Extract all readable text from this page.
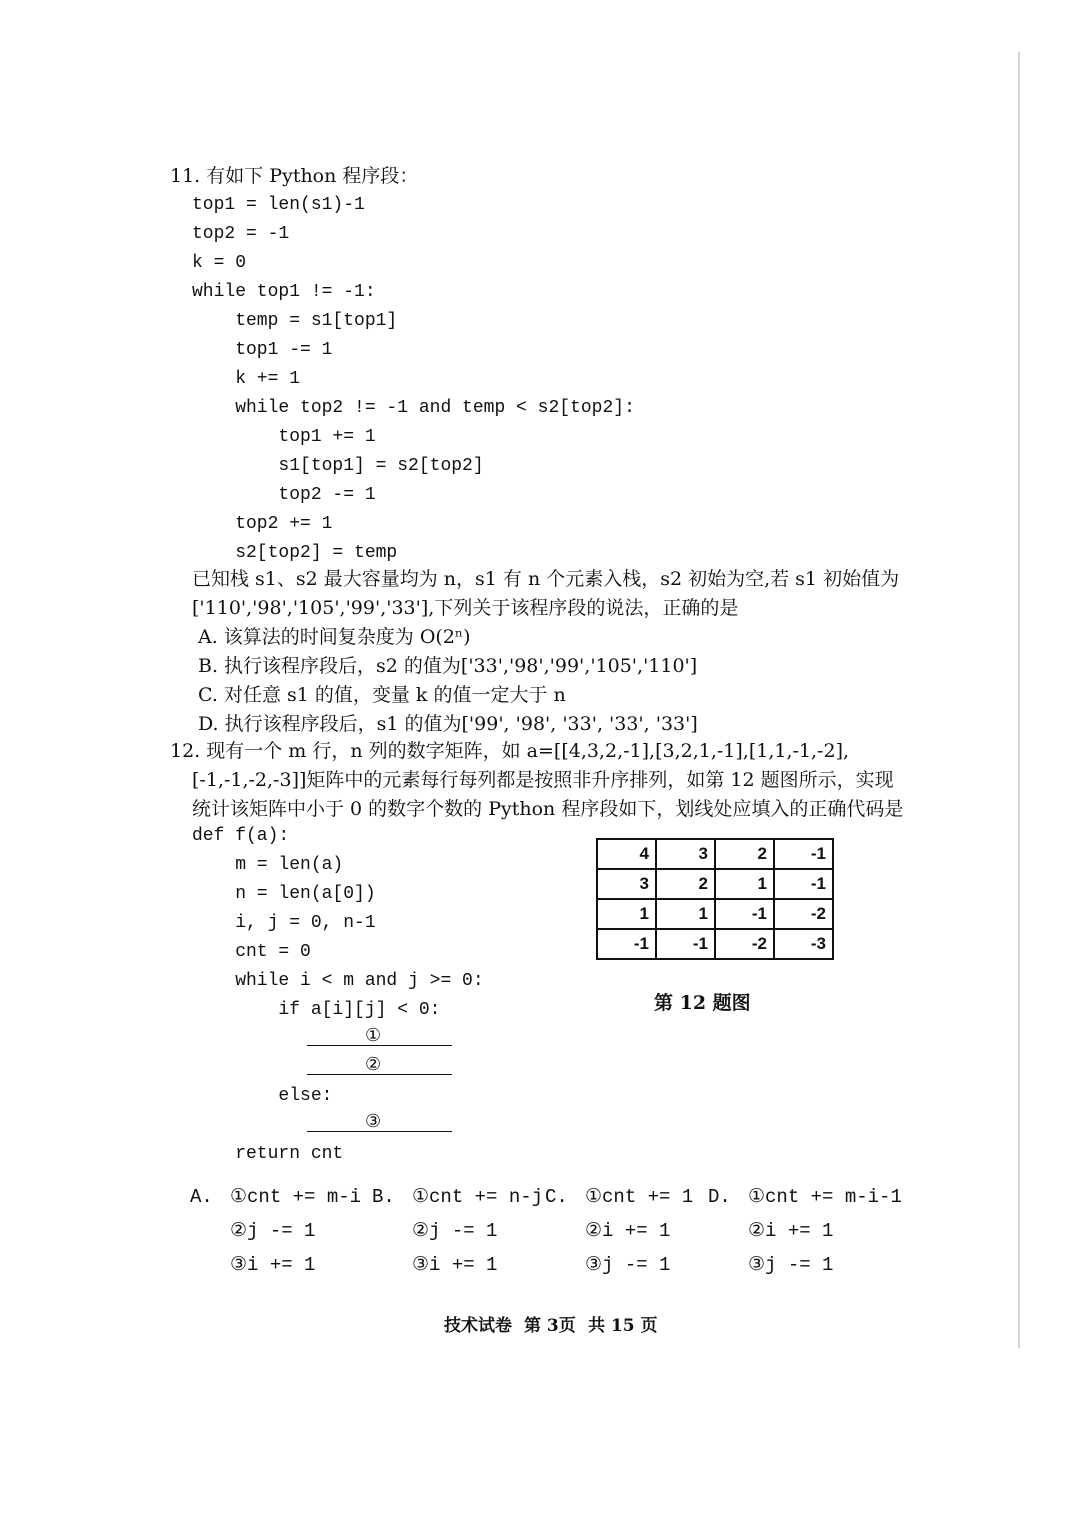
11. 有如下 Python 程序段：
top1 = len(s1)-1
top2 = -1
k = 0
while top1 != -1:
temp = s1[top1]
top1 -= 1
k += 1
while top2 != -1 and temp < s2[top2]:
top1 += 1
s1[top1] = s2[top2]
top2 -= 1
top2 += 1
s2[top2] = temp
已知栈 s1、s2 最大容量均为 n，s1 有 n 个元素入栈，s2 初始为空,若 s1 初始值为
['110','98','105','99','33'],下列关于该程序段的说法，正确的是
A. 该算法的时间复杂度为 O(2ⁿ)
B. 执行该程序段后，s2 的值为['33','98','99','105','110']
C. 对任意 s1 的值，变量 k 的值一定大于 n
D. 执行该程序段后，s1 的值为['99', '98', '33', '33', '33']
12. 现有一个 m 行，n 列的数字矩阵，如 a=[[4,3,2,-1],[3,2,1,-1],[1,1,-1,-2],
[-1,-1,-2,-3]]矩阵中的元素每行每列都是按照非升序排列，如第 12 题图所示，实现
统计该矩阵中小于 0 的数字个数的 Python 程序段如下，划线处应填入的正确代码是
def f(a):
m = len(a)
n = len(a[0])
i, j = 0, n-1
cnt = 0
while i < m and j >= 0:
if a[i][j] < 0:
①
②
else:
③
return cnt
4	3	2	-1
3	2	1	-1
1	1	-1	-2
-1	-1	-2	-3
第 12 题图
A. ①cnt += m-i
②j -= 1
③i += 1
B. ①cnt += n-j
②j -= 1
③i += 1
C. ①cnt += 1
②i += 1
③j -= 1
D. ①cnt += m-i-1
②i += 1
③j -= 1
技术试卷 第 3页 共 15 页
